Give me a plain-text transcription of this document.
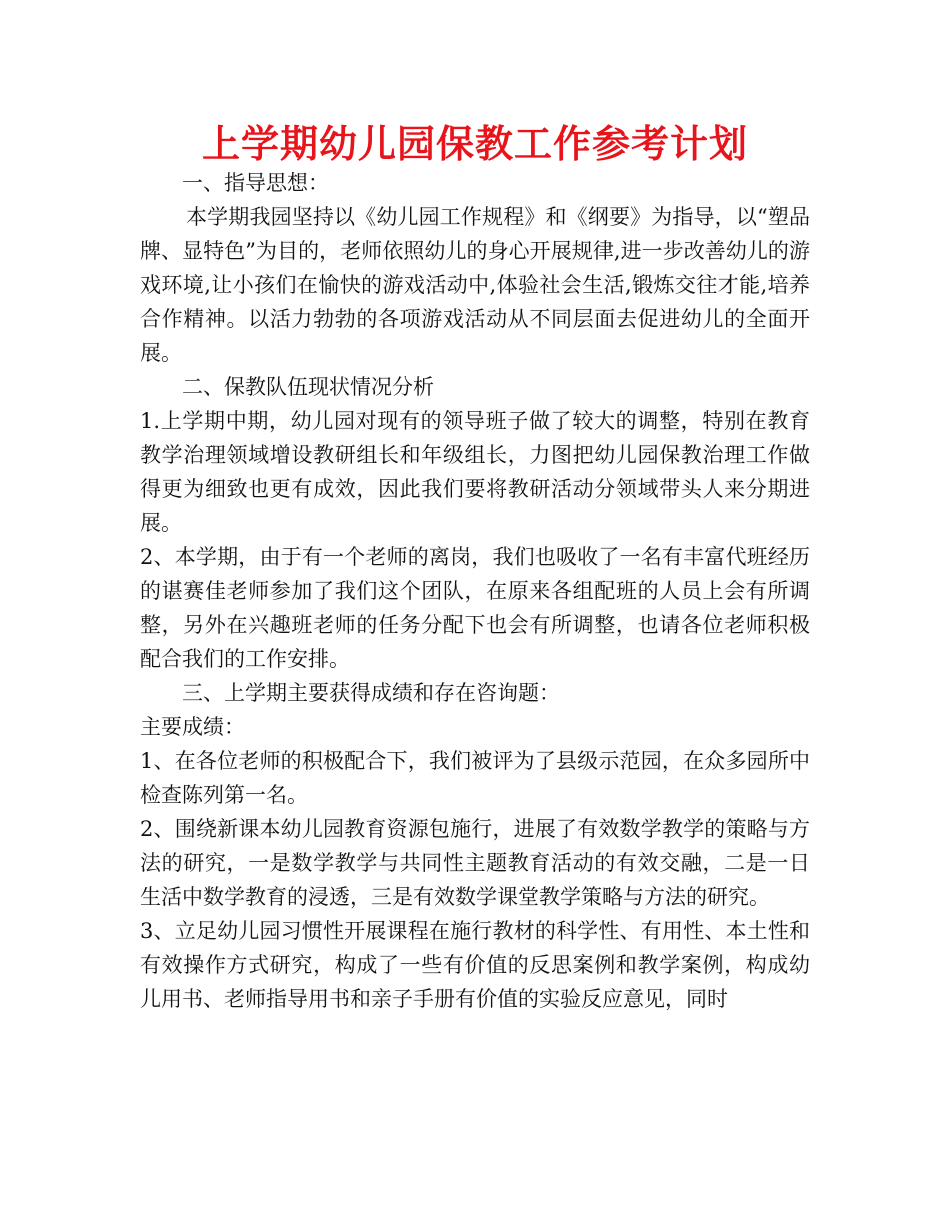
上学期幼儿园保教工作参考计划

一、指导思想：

本学期我园坚持以《幼儿园工作规程》和《纲要》为指导，以“塑品牌、显特色”为目的，老师依照幼儿的身心开展规律,进一步改善幼儿的游戏环境,让小孩们在愉快的游戏活动中,体验社会生活,锻炼交往才能,培养合作精神。以活力勃勃的各项游戏活动从不同层面去促进幼儿的全面开展。

二、保教队伍现状情况分析

1.上学期中期，幼儿园对现有的领导班子做了较大的调整，特别在教育教学治理领域增设教研组长和年级组长，力图把幼儿园保教治理工作做得更为细致也更有成效，因此我们要将教研活动分领域带头人来分期进展。

2、本学期，由于有一个老师的离岗，我们也吸收了一名有丰富代班经历的谌赛佳老师参加了我们这个团队，在原来各组配班的人员上会有所调整，另外在兴趣班老师的任务分配下也会有所调整，也请各位老师积极配合我们的工作安排。

三、上学期主要获得成绩和存在咨询题：

主要成绩：

1、在各位老师的积极配合下，我们被评为了县级示范园，在众多园所中检查陈列第一名。

2、围绕新课本幼儿园教育资源包施行，进展了有效数学教学的策略与方法的研究，一是数学教学与共同性主题教育活动的有效交融，二是一日生活中数学教育的浸透，三是有效数学课堂教学策略与方法的研究。

3、立足幼儿园习惯性开展课程在施行教材的科学性、有用性、本土性和有效操作方式研究，构成了一些有价值的反思案例和教学案例，构成幼儿用书、老师指导用书和亲子手册有价值的实验反应意见，同时
